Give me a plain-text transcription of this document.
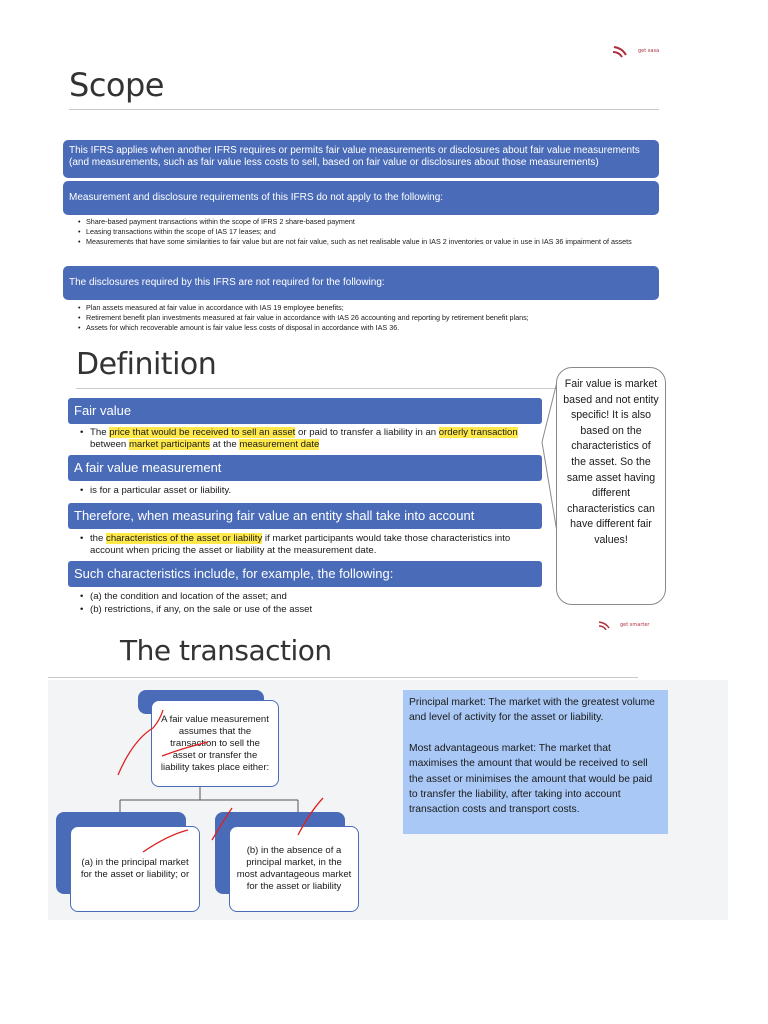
get sasa
Scope
This IFRS applies when another IFRS requires or permits fair value measurements or disclosures about fair value measurements (and measurements, such as fair value less costs to sell, based on fair value or disclosures about those measurements)
Measurement and disclosure requirements of this IFRS do not apply to the following:
• Share-based payment transactions within the scope of IFRS 2 share-based payment
• Leasing transactions within the scope of IAS 17 leases; and
• Measurements that have some similarities to fair value but are not fair value, such as net realisable value in IAS 2 inventories or value in use in IAS 36 impairment of assets
The disclosures required by this IFRS are not required for the following:
• Plan assets measured at fair value in accordance with IAS 19 employee benefits;
• Retirement benefit plan investments measured at fair value in accordance with IAS 26 accounting and reporting by retirement benefit plans;
• Assets for which recoverable amount is fair value less costs of disposal in accordance with IAS 36.
Definition
Fair value
• The price that would be received to sell an asset or paid to transfer a liability in an orderly transaction between market participants at the measurement date
A fair value measurement
• is for a particular asset or liability.
Therefore, when measuring fair value an entity shall take into account
• the characteristics of the asset or liability if market participants would take those characteristics into account when pricing the asset or liability at the measurement date.
Such characteristics include, for example, the following:
• (a) the condition and location of the asset; and
• (b) restrictions, if any, on the sale or use of the asset
Fair value is market based and not entity specific! It is also based on the characteristics of the asset. So the same asset having different characteristics can have different fair values!
get smarter
The transaction
A fair value measurement assumes that the transaction to sell the asset or transfer the liability takes place either:
(a) in the principal market for the asset or liability; or
(b) in the absence of a principal market, in the most advantageous market for the asset or liability

Principal market: The market with the greatest volume and level of activity for the asset or liability.

Most advantageous market: The market that maximises the amount that would be received to sell the asset or minimises the amount that would be paid to transfer the liability, after taking into account transaction costs and transport costs.
